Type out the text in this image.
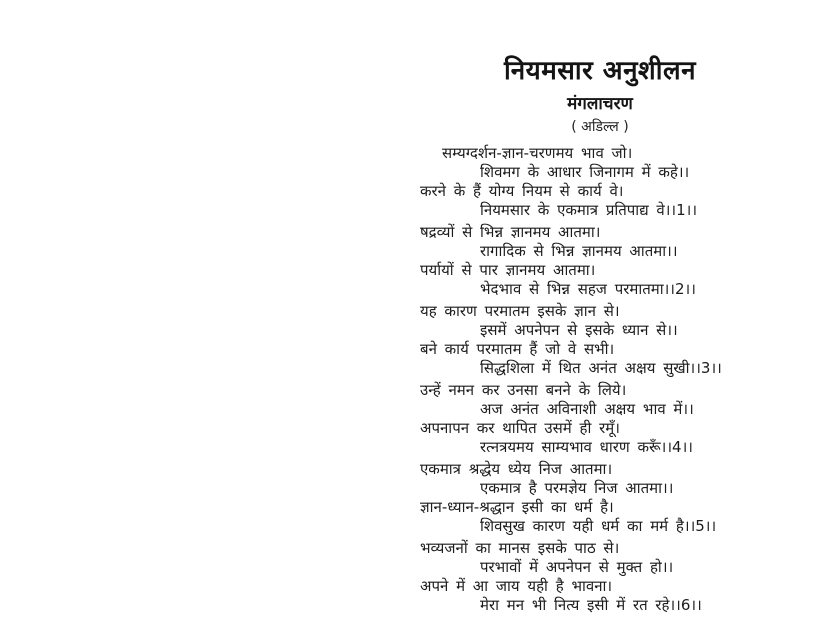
नियमसार अनुशीलन
मंगलाचरण
( अडिल्ल )
सम्यग्दर्शन-ज्ञान-चरणमय भाव जो।
शिवमग के आधार जिनागम में कहे।।
करने के हैं योग्य नियम से कार्य वे।
नियमसार के एकमात्र प्रतिपाद्य वे।।1।।
षद्रव्यों से भिन्न ज्ञानमय आतमा।
रागादिक से भिन्न ज्ञानमय आतमा।।
पर्यायों से पार ज्ञानमय आतमा।
भेदभाव से भिन्न सहज परमातमा।।2।।
यह कारण परमातम इसके ज्ञान से।
इसमें अपनेपन से इसके ध्यान से।।
बने कार्य परमातम हैं जो वे सभी।
सिद्धशिला में थित अनंत अक्षय सुखी।।3।।
उन्हें नमन कर उनसा बनने के लिये।
अज अनंत अविनाशी अक्षय भाव में।।
अपनापन कर थापित उसमें ही रमूँ।
रत्नत्रयमय साम्यभाव धारण करूँ।।4।।
एकमात्र श्रद्धेय ध्येय निज आतमा।
एकमात्र है परमज्ञेय निज आतमा।।
ज्ञान-ध्यान-श्रद्धान इसी का धर्म है।
शिवसुख कारण यही धर्म का मर्म है।।5।।
भव्यजनों का मानस इसके पाठ से।
परभावों में अपनेपन से मुक्त हो।।
अपने में आ जाय यही है भावना।
मेरा मन भी नित्य इसी में रत रहे।।6।।
